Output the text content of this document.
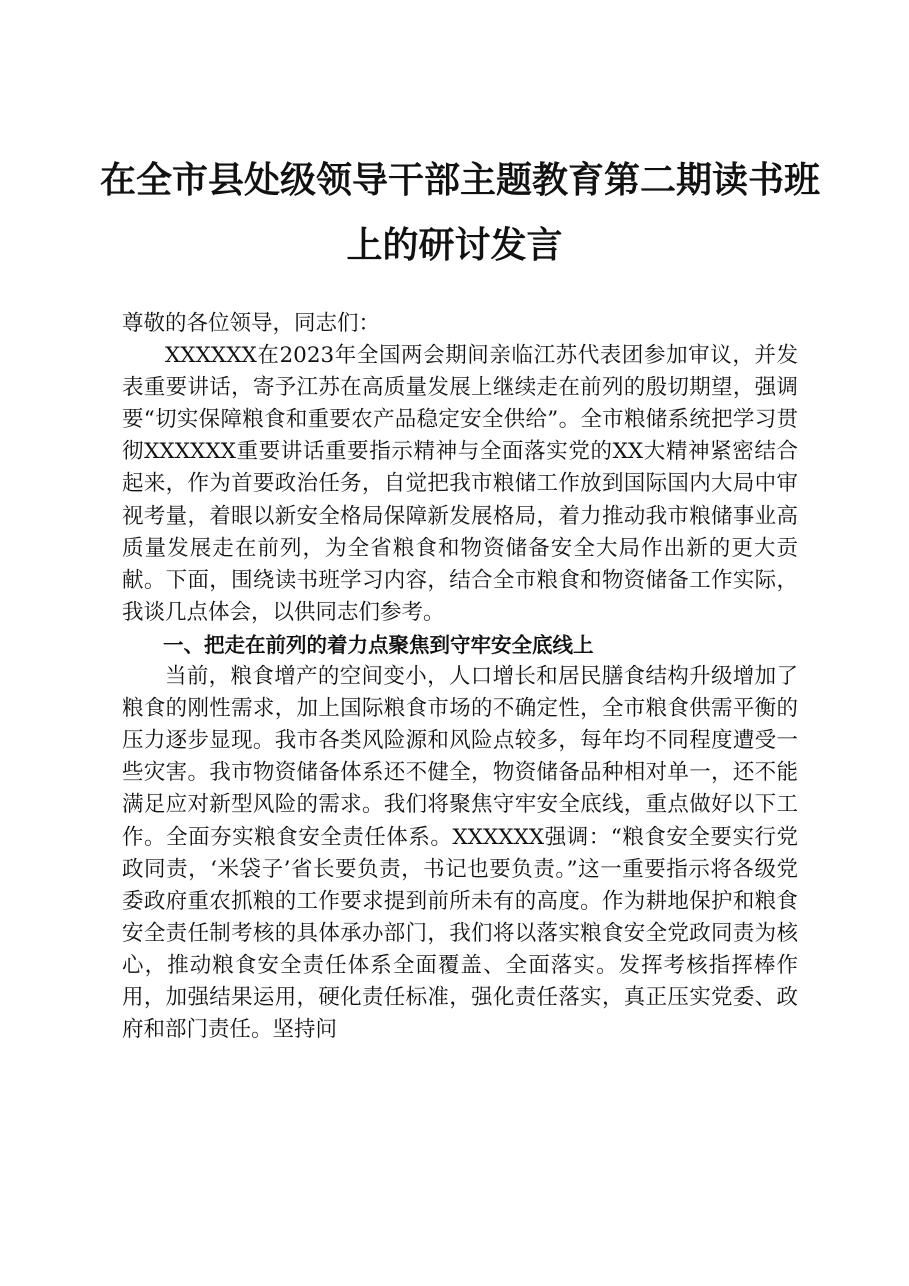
在全市县处级领导干部主题教育第二期读书班
上的研讨发言

尊敬的各位领导，同志们：

XXXXXX在2023年全国两会期间亲临江苏代表团参加审议，并发表重要讲话，寄予江苏在高质量发展上继续走在前列的殷切期望，强调要“切实保障粮食和重要农产品稳定安全供给”。全市粮储系统把学习贯彻XXXXXX重要讲话重要指示精神与全面落实党的XX大精神紧密结合起来，作为首要政治任务，自觉把我市粮储工作放到国际国内大局中审视考量，着眼以新安全格局保障新发展格局，着力推动我市粮储事业高质量发展走在前列，为全省粮食和物资储备安全大局作出新的更大贡献。下面，围绕读书班学习内容，结合全市粮食和物资储备工作实际，我谈几点体会，以供同志们参考。

一、把走在前列的着力点聚焦到守牢安全底线上

当前，粮食增产的空间变小，人口增长和居民膳食结构升级增加了粮食的刚性需求，加上国际粮食市场的不确定性，全市粮食供需平衡的压力逐步显现。我市各类风险源和风险点较多，每年均不同程度遭受一些灾害。我市物资储备体系还不健全，物资储备品种相对单一，还不能满足应对新型风险的需求。我们将聚焦守牢安全底线，重点做好以下工作。全面夯实粮食安全责任体系。XXXXXX强调：“粮食安全要实行党政同责，‘米袋子’省长要负责，书记也要负责。”这一重要指示将各级党委政府重农抓粮的工作要求提到前所未有的高度。作为耕地保护和粮食安全责任制考核的具体承办部门，我们将以落实粮食安全党政同责为核心，推动粮食安全责任体系全面覆盖、全面落实。发挥考核指挥棒作用，加强结果运用，硬化责任标准，强化责任落实，真正压实党委、政府和部门责任。坚持问
